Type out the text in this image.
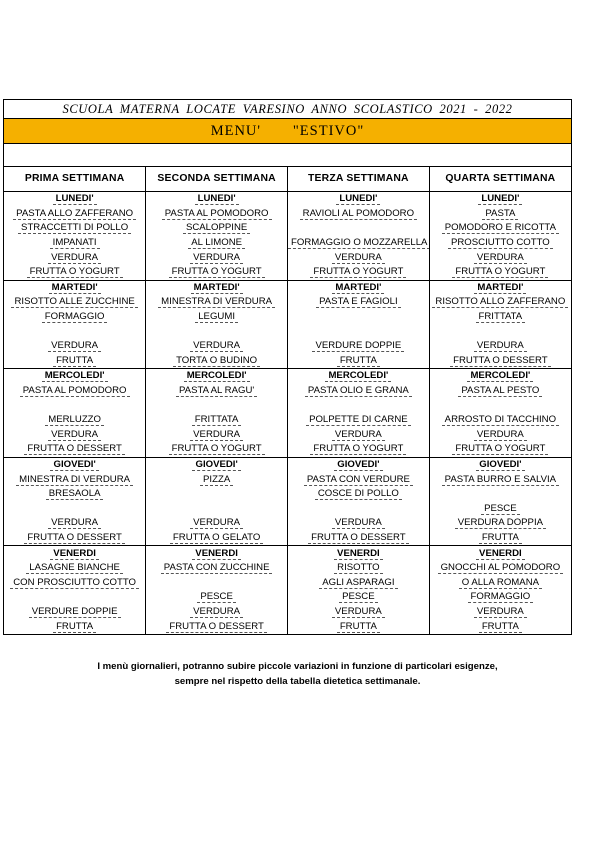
SCUOLA MATERNA LOCATE VARESINO ANNO SCOLASTICO 2021 - 2022
MENU'   "ESTIVO"
PRIMA SETTIMANA	SECONDA SETTIMANA	TERZA SETTIMANA	QUARTA SETTIMANA
LUNEDI'	LUNEDI'	LUNEDI'	LUNEDI'
PASTA ALLO ZAFFERANO	PASTA AL POMODORO	RAVIOLI AL POMODORO	PASTA
STRACCETTI DI POLLO	SCALOPPINE		POMODORO E RICOTTA
IMPANATI	AL LIMONE	FORMAGGIO O MOZZARELLA	PROSCIUTTO COTTO
VERDURA	VERDURA	VERDURA	VERDURA
FRUTTA O YOGURT	FRUTTA O YOGURT	FRUTTA O YOGURT	FRUTTA O YOGURT
MARTEDI'	MARTEDI'	MARTEDI'	MARTEDI'
RISOTTO ALLE ZUCCHINE	MINESTRA DI VERDURA	PASTA E FAGIOLI	RISOTTO ALLO ZAFFERANO
FORMAGGIO	LEGUMI		FRITTATA

VERDURA	VERDURA	VERDURE DOPPIE	VERDURA
FRUTTA	TORTA O BUDINO	FRUTTA	FRUTTA O DESSERT
MERCOLEDI'	MERCOLEDI'	MERCOLEDI'	MERCOLEDI'
PASTA AL POMODORO	PASTA AL RAGU'	PASTA OLIO E GRANA	PASTA AL PESTO

MERLUZZO	FRITTATA	POLPETTE DI CARNE	ARROSTO DI TACCHINO
VERDURA	VERDURA	VERDURA	VERDURA
FRUTTA O DESSERT	FRUTTA O YOGURT	FRUTTA O YOGURT	FRUTTA O YOGURT
GIOVEDI'	GIOVEDI'	GIOVEDI'	GIOVEDI'
MINESTRA DI VERDURA	PIZZA	PASTA CON VERDURE	PASTA BURRO E SALVIA
BRESAOLA		COSCE DI POLLO	
			PESCE
VERDURA	VERDURA	VERDURA	VERDURA DOPPIA
FRUTTA O DESSERT	FRUTTA O GELATO	FRUTTA O DESSERT	FRUTTA
VENERDI	VENERDI	VENERDI	VENERDI
LASAGNE BIANCHE	PASTA CON ZUCCHINE	RISOTTO	GNOCCHI AL POMODORO
CON PROSCIUTTO COTTO		AGLI ASPARAGI	O ALLA ROMANA
	PESCE	PESCE	FORMAGGIO
VERDURE DOPPIE	VERDURA	VERDURA	VERDURA
FRUTTA	FRUTTA O DESSERT	FRUTTA	FRUTTA
I menù giornalieri, potranno subire piccole variazioni in funzione di particolari esigenze,
sempre nel rispetto della tabella dietetica settimanale.
